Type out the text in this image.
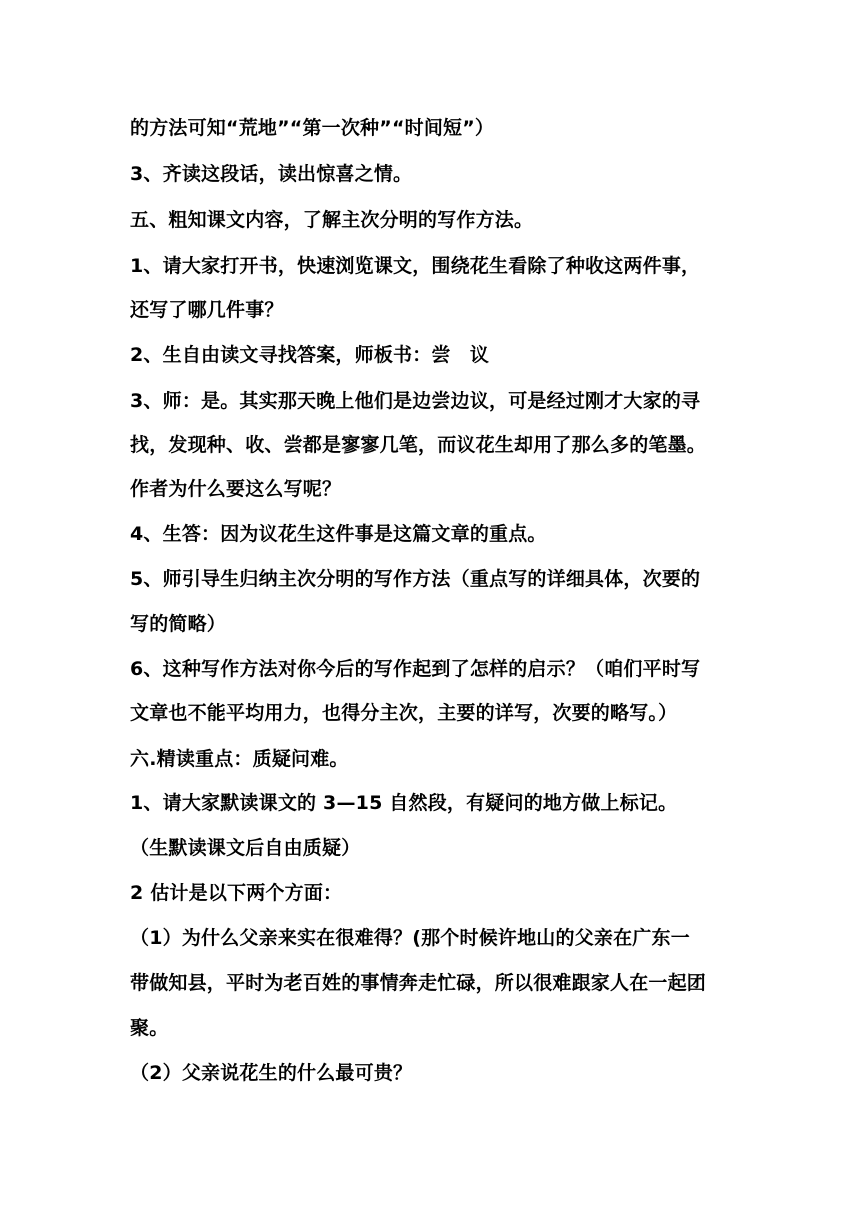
的方法可知“荒地”“第一次种”“时间短”）
3、齐读这段话，读出惊喜之情。
五、粗知课文内容，了解主次分明的写作方法。
1、请大家打开书，快速浏览课文，围绕花生看除了种收这两件事，
还写了哪几件事？
2、生自由读文寻找答案，师板书：尝　议
3、师：是。其实那天晚上他们是边尝边议，可是经过刚才大家的寻
找，发现种、收、尝都是寥寥几笔，而议花生却用了那么多的笔墨。
作者为什么要这么写呢？
4、生答：因为议花生这件事是这篇文章的重点。
5、师引导生归纳主次分明的写作方法（重点写的详细具体，次要的
写的简略）
6、这种写作方法对你今后的写作起到了怎样的启示？（咱们平时写
文章也不能平均用力，也得分主次，主要的详写，次要的略写。）
六.精读重点：质疑问难。
1、请大家默读课文的 3—15 自然段，有疑问的地方做上标记。
（生默读课文后自由质疑）
2 估计是以下两个方面：
（1）为什么父亲来实在很难得？(那个时候许地山的父亲在广东一
带做知县，平时为老百姓的事情奔走忙碌，所以很难跟家人在一起团
聚。
（2）父亲说花生的什么最可贵？
